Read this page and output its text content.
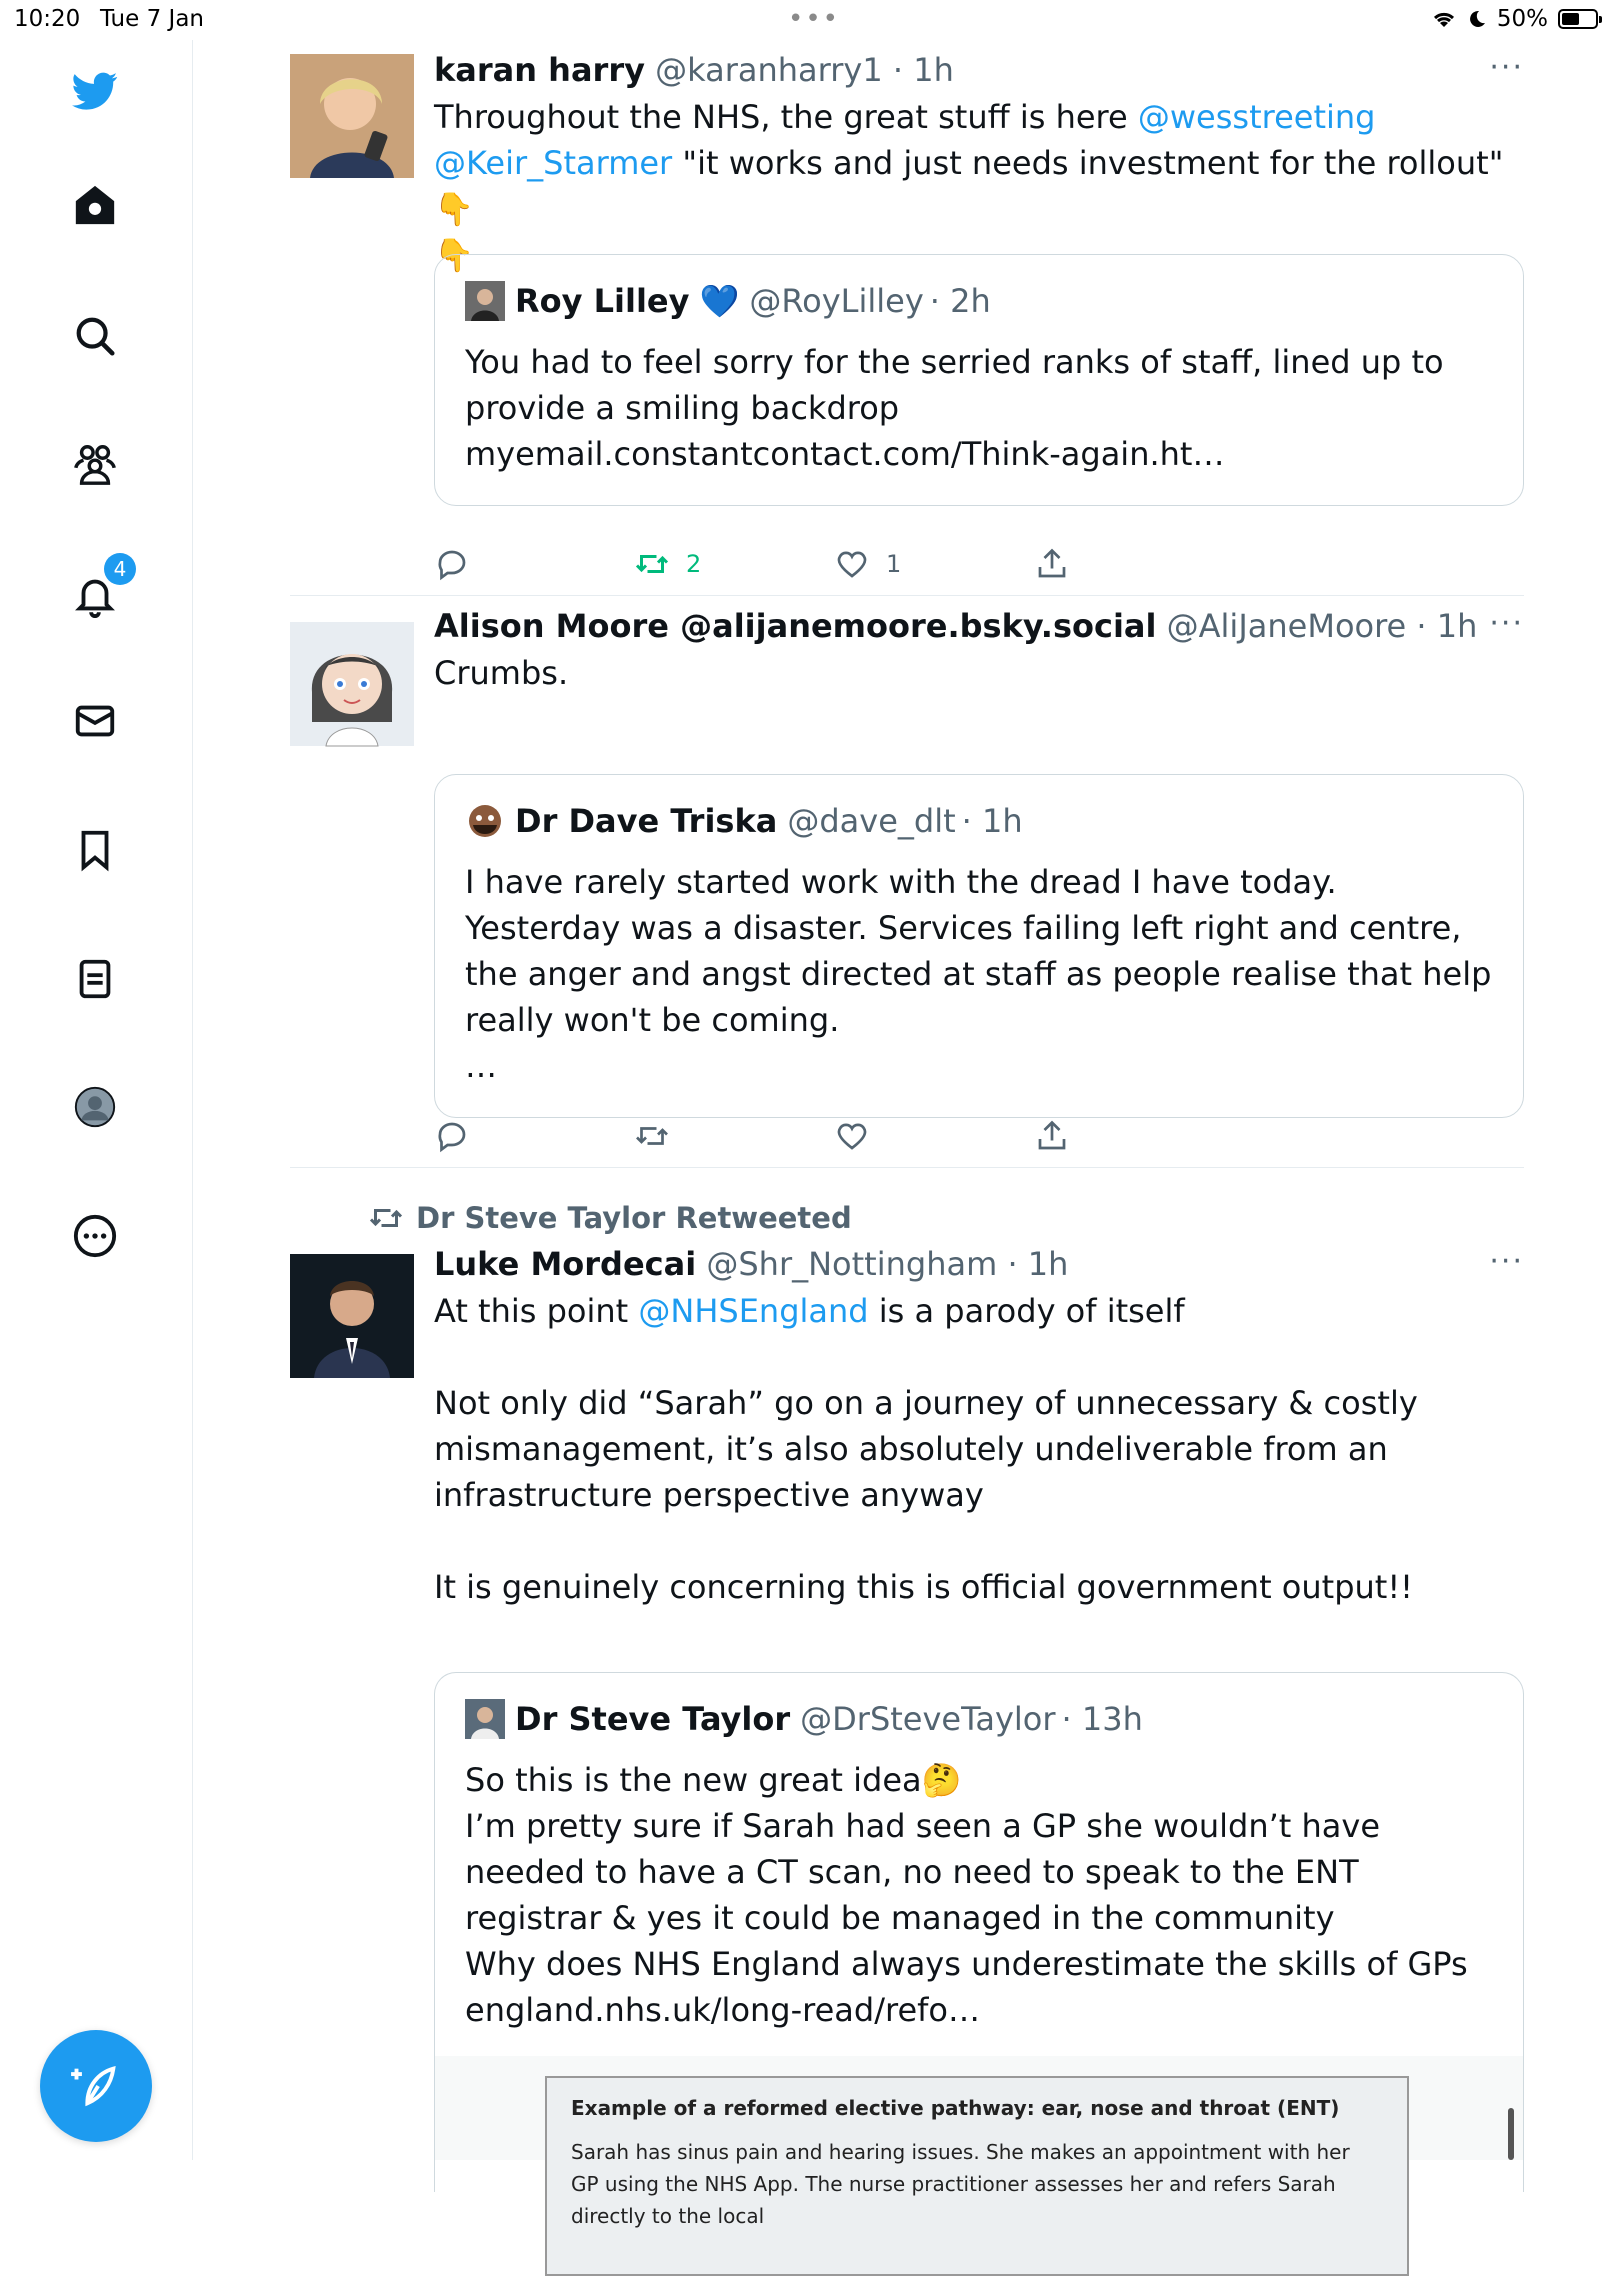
10:20 Tue 7 Jan	•••	50%
4
karan harry @karanharry1 · 1h	···
Throughout the NHS, the great stuff is here @wesstreeting
@Keir_Starmer "it works and just needs investment for the rollout" 👇
👇
Roy Lilley 💙 @RoyLilley · 2h
You had to feel sorry for the serried ranks of staff, lined up to provide a smiling backdrop myemail.constantcontact.com/Think-again.ht…
2	1
Alison Moore @alijanemoore.bsky.social @AliJaneMoore · 1h ···
Crumbs.
Dr Dave Triska @dave_dlt · 1h
I have rarely started work with the dread I have today. Yesterday was a disaster. Services failing left right and centre, the anger and angst directed at staff as people realise that help really won't be coming.
…
Dr Steve Taylor Retweeted
Luke Mordecai @Shr_Nottingham · 1h	···
At this point @NHSEngland is a parody of itself
Not only did “Sarah” go on a journey of unnecessary & costly mismanagement, it’s also absolutely undeliverable from an infrastructure perspective anyway
It is genuinely concerning this is official government output!!
Dr Steve Taylor @DrSteveTaylor · 13h
So this is the new great idea🤔
I’m pretty sure if Sarah had seen a GP she wouldn’t have needed to have a CT scan, no need to speak to the ENT registrar & yes it could be managed in the community
Why does NHS England always underestimate the skills of GPs
england.nhs.uk/long-read/refo…
Example of a reformed elective pathway: ear, nose and throat (ENT)
Sarah has sinus pain and hearing issues. She makes an appointment with her GP using the NHS App. The nurse practitioner assesses her and refers Sarah directly to the local
